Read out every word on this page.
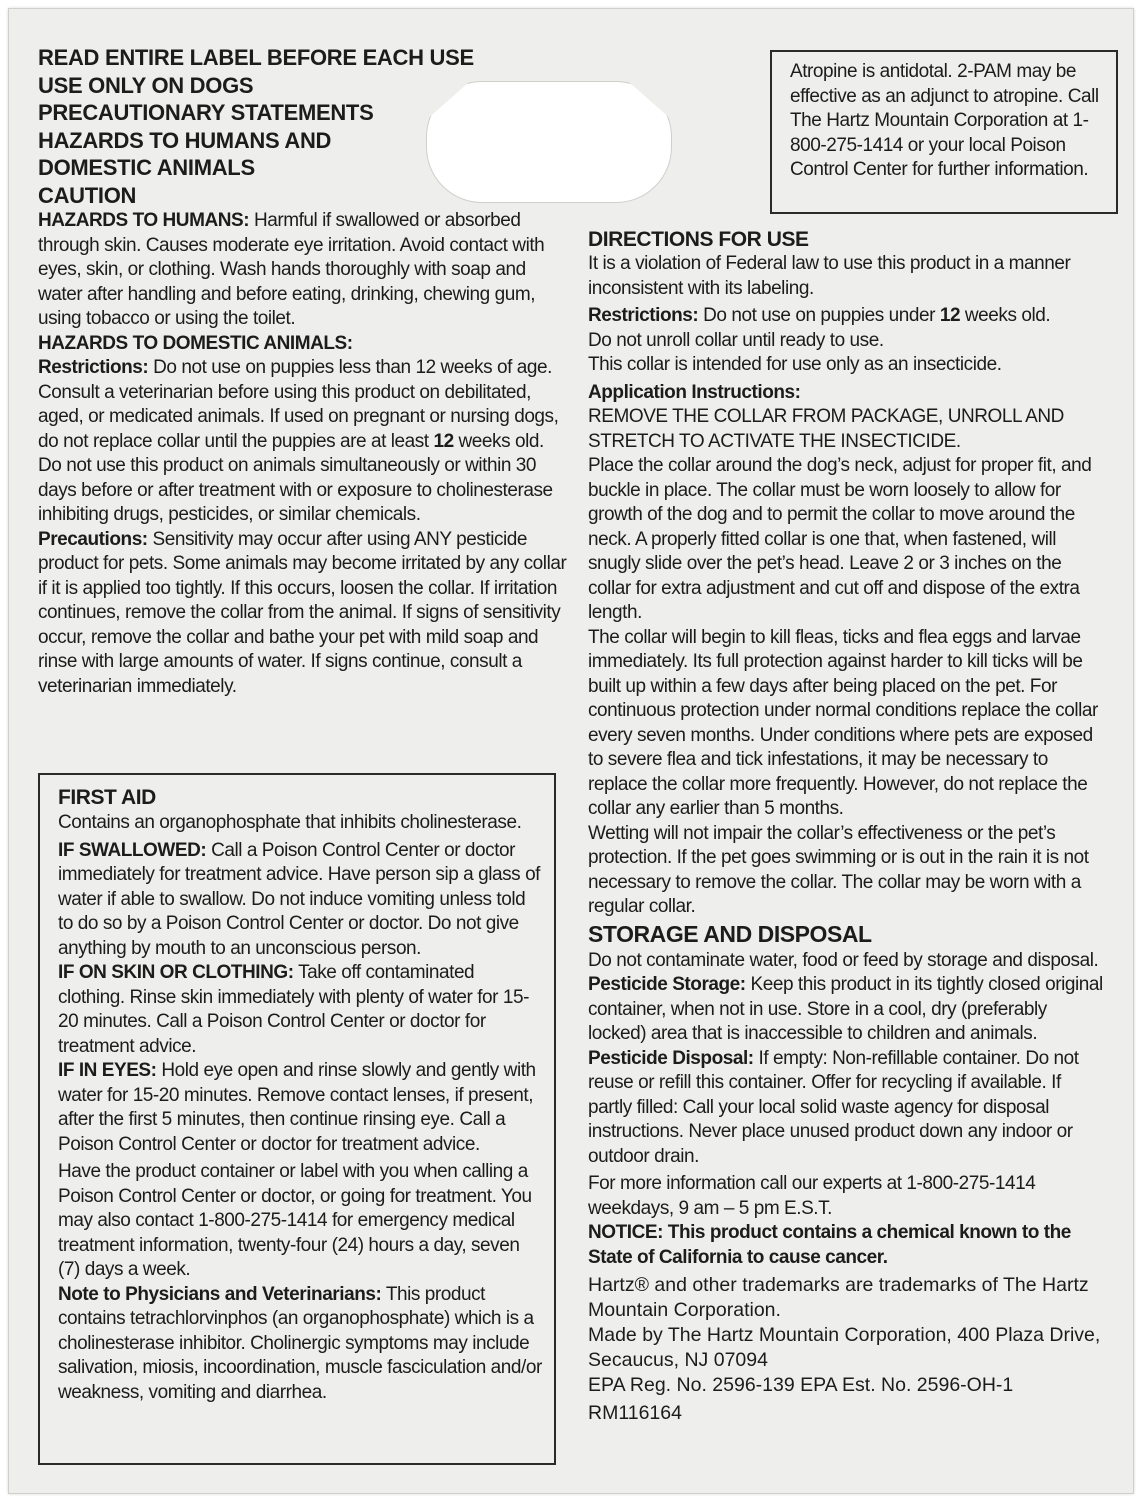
READ ENTIRE LABEL BEFORE EACH USE

USE ONLY ON DOGS

PRECAUTIONARY STATEMENTS

HAZARDS TO HUMANS AND

DOMESTIC ANIMALS

CAUTION

HAZARDS TO HUMANS: Harmful if swallowed or absorbed through skin. Causes moderate eye irritation. Avoid contact with eyes, skin, or clothing. Wash hands thoroughly with soap and water after handling and before eating, drinking, chewing gum, using tobacco or using the toilet.

HAZARDS TO DOMESTIC ANIMALS:

Restrictions: Do not use on puppies less than 12 weeks of age. Consult a veterinarian before using this product on debilitated, aged, or medicated animals. If used on pregnant or nursing dogs, do not replace collar until the puppies are at least 12 weeks old.

Do not use this product on animals simultaneously or within 30 days before or after treatment with or exposure to cholinesterase inhibiting drugs, pesticides, or similar chemicals.

Precautions: Sensitivity may occur after using ANY pesticide product for pets. Some animals may become irritated by any collar if it is applied too tightly. If this occurs, loosen the collar. If irritation continues, remove the collar from the animal. If signs of sensitivity occur, remove the collar and bathe your pet with mild soap and rinse with large amounts of water. If signs continue, consult a veterinarian immediately.

FIRST AID

Contains an organophosphate that inhibits cholinesterase.

IF SWALLOWED: Call a Poison Control Center or doctor immediately for treatment advice. Have person sip a glass of water if able to swallow. Do not induce vomiting unless told to do so by a Poison Control Center or doctor. Do not give anything by mouth to an unconscious person.

IF ON SKIN OR CLOTHING: Take off contaminated clothing. Rinse skin immediately with plenty of water for 15-20 minutes. Call a Poison Control Center or doctor for treatment advice.

IF IN EYES: Hold eye open and rinse slowly and gently with water for 15-20 minutes. Remove contact lenses, if present, after the first 5 minutes, then continue rinsing eye. Call a Poison Control Center or doctor for treatment advice.

Have the product container or label with you when calling a Poison Control Center or doctor, or going for treatment. You may also contact 1-800-275-1414 for emergency medical treatment information, twenty-four (24) hours a day, seven (7) days a week.

Note to Physicians and Veterinarians: This product contains tetrachlorvinphos (an organophosphate) which is a cholinesterase inhibitor. Cholinergic symptoms may include salivation, miosis, incoordination, muscle fasciculation and/or weakness, vomiting and diarrhea.

Atropine is antidotal. 2-PAM may be effective as an adjunct to atropine. Call The Hartz Mountain Corporation at 1-800-275-1414 or your local Poison Control Center for further information.

DIRECTIONS FOR USE

It is a violation of Federal law to use this product in a manner inconsistent with its labeling.

Restrictions: Do not use on puppies under 12 weeks old.

Do not unroll collar until ready to use.

This collar is intended for use only as an insecticide.

Application Instructions:

REMOVE THE COLLAR FROM PACKAGE, UNROLL AND STRETCH TO ACTIVATE THE INSECTICIDE.

Place the collar around the dog’s neck, adjust for proper fit, and buckle in place. The collar must be worn loosely to allow for growth of the dog and to permit the collar to move around the neck. A properly fitted collar is one that, when fastened, will snugly slide over the pet’s head. Leave 2 or 3 inches on the collar for extra adjustment and cut off and dispose of the extra length.

The collar will begin to kill fleas, ticks and flea eggs and larvae immediately. Its full protection against harder to kill ticks will be built up within a few days after being placed on the pet. For continuous protection under normal conditions replace the collar every seven months. Under conditions where pets are exposed to severe flea and tick infestations, it may be necessary to replace the collar more frequently. However, do not replace the collar any earlier than 5 months.

Wetting will not impair the collar’s effectiveness or the pet’s protection. If the pet goes swimming or is out in the rain it is not necessary to remove the collar. The collar may be worn with a regular collar.

STORAGE AND DISPOSAL

Do not contaminate water, food or feed by storage and disposal. Pesticide Storage: Keep this product in its tightly closed original container, when not in use. Store in a cool, dry (preferably locked) area that is inaccessible to children and animals. Pesticide Disposal: If empty: Non-refillable container. Do not reuse or refill this container. Offer for recycling if available. If partly filled: Call your local solid waste agency for disposal instructions. Never place unused product down any indoor or outdoor drain.

For more information call our experts at 1-800-275-1414 weekdays, 9 am – 5 pm E.S.T.

NOTICE: This product contains a chemical known to the State of California to cause cancer.

Hartz® and other trademarks are trademarks of The Hartz Mountain Corporation.

Made by The Hartz Mountain Corporation, 400 Plaza Drive, Secaucus, NJ 07094

EPA Reg. No. 2596-139 EPA Est. No. 2596-OH-1

RM116164
